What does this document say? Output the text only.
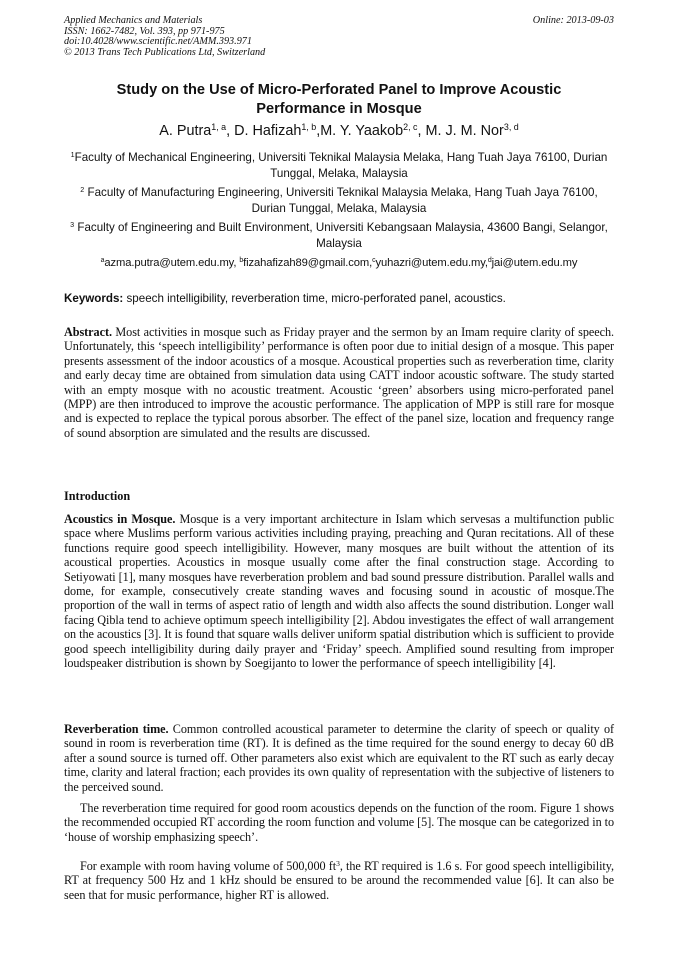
Applied Mechanics and Materials
ISSN: 1662-7482, Vol. 393, pp 971-975
doi:10.4028/www.scientific.net/AMM.393.971
© 2013 Trans Tech Publications Ltd, Switzerland
Online: 2013-09-03
Study on the Use of Micro-Perforated Panel to Improve Acoustic
Performance in Mosque
A. Putra$^{1, a}$, D. Hafizah$^{1, b}$,M. Y. Yaakob$^{2, c}$, M. J. M. Nor$^{3, d}$
$^1$Faculty of Mechanical Engineering, Universiti Teknikal Malaysia Melaka, Hang Tuah Jaya 76100, Durian Tunggal, Melaka, Malaysia
$^2$ Faculty of Manufacturing Engineering, Universiti Teknikal Malaysia Melaka, Hang Tuah Jaya 76100, Durian Tunggal, Melaka, Malaysia
$^3$ Faculty of Engineering and Built Environment, Universiti Kebangsaan Malaysia, 43600 Bangi, Selangor, Malaysia
$^a$azma.putra@utem.edu.my, $^b$fizahafizah89@gmail.com,$^c$yuhazri@utem.edu.my,$^d$jai@utem.edu.my
Keywords: speech intelligibility, reverberation time, micro-perforated panel, acoustics.
Abstract. Most activities in mosque such as Friday prayer and the sermon by an Imam require clarity of speech. Unfortunately, this ‘speech intelligibility’ performance is often poor due to initial design of a mosque. This paper presents assessment of the indoor acoustics of a mosque. Acoustical properties such as reverberation time, clarity and early decay time are obtained from simulation data using CATT indoor acoustic software. The study started with an empty mosque with no acoustic treatment. Acoustic ‘green’ absorbers using micro-perforated panel (MPP) are then introduced to improve the acoustic performance. The application of MPP is still rare for mosque and is expected to replace the typical porous absorber. The effect of the panel size, location and frequency range of sound absorption are simulated and the results are discussed.
Introduction
Acoustics in Mosque. Mosque is a very important architecture in Islam which servesas a multifunction public space where Muslims perform various activities including praying, preaching and Quran recitations. All of these functions require good speech intelligibility. However, many mosques are built without the attention of its acoustical properties. Acoustics in mosque usually come after the final construction stage. According to Setiyowati [1], many mosques have reverberation problem and bad sound pressure distribution. Parallel walls and dome, for example, consecutively create standing waves and focusing sound in acoustic of mosque.The proportion of the wall in terms of aspect ratio of length and width also affects the sound distribution. Longer wall facing Qibla tend to achieve optimum speech intelligibility [2]. Abdou investigates the effect of wall arrangement on the acoustics [3]. It is found that square walls deliver uniform spatial distribution which is sufficient to provide good speech intelligibility during daily prayer and ‘Friday’ speech. Amplified sound resulting from improper loudspeaker distribution is shown by Soegijanto to lower the performance of speech intelligibility [4].
Reverberation time. Common controlled acoustical parameter to determine the clarity of speech or quality of sound in room is reverberation time (RT). It is defined as the time required for the sound energy to decay 60 dB after a sound source is turned off. Other parameters also exist which are equivalent to the RT such as early decay time, clarity and lateral fraction; each provides its own quality of representation with the subjective of listeners to the perceived sound.
The reverberation time required for good room acoustics depends on the function of the room. Figure 1 shows the recommended occupied RT according the room function and volume [5]. The mosque can be categorized in to ‘house of worship emphasizing speech’.
For example with room having volume of 500,000 $ft^3$, the RT required is 1.6 s. For good speech intelligibility, RT at frequency 500 Hz and 1 kHz should be ensured to be around the recommended value [6]. It can also be seen that for music performance, higher RT is allowed.
